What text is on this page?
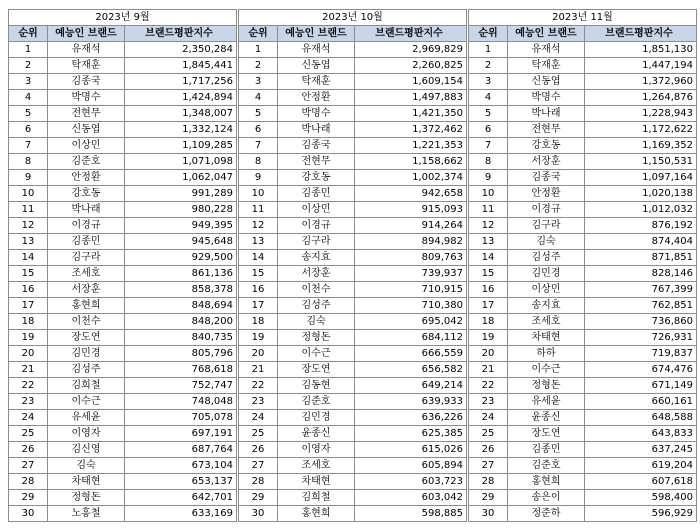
2023년 9월		
순위	예능인 브랜드	브랜드평판지수
1	유재석	2,350,284
2	탁재훈	1,845,441
3	김종국	1,717,256
4	박명수	1,424,894
5	전현무	1,348,007
6	신동엽	1,332,124
7	이상민	1,109,285
8	김준호	1,071,098
9	안정환	1,062,047
10	강호동	991,289
11	박나래	980,228
12	이경규	949,395
13	김종민	945,648
14	김구라	929,500
15	조세호	861,136
16	서장훈	858,378
17	홍현희	848,694
18	이천수	848,200
19	장도연	840,735
20	김민경	805,796
21	김성주	768,618
22	김희철	752,747
23	이수근	748,048
24	유세윤	705,078
25	이영자	697,191
26	김신영	687,764
27	김숙	673,104
28	차태현	653,137
29	정형돈	642,701
30	노홍철	633,169
2023년 10월		
순위	예능인 브랜드	브랜드평판지수
1	유재석	2,969,829
2	신동엽	2,260,825
3	탁재훈	1,609,154
4	안정환	1,497,883
5	박명수	1,421,350
6	박나래	1,372,462
7	김종국	1,221,353
8	전현무	1,158,662
9	강호동	1,002,374
10	김종민	942,658
11	이상민	915,093
12	이경규	914,264
13	김구라	894,982
14	송지효	809,763
15	서장훈	739,937
16	이천수	710,915
17	김성주	710,380
18	김숙	695,042
19	정형돈	684,112
20	이수근	666,559
21	장도연	656,582
22	김동현	649,214
23	김준호	639,933
24	김민경	636,226
25	윤종신	625,385
26	이영자	615,026
27	조세호	605,894
28	차태현	603,723
29	김희철	603,042
30	홍현희	598,885
2023년 11월		
순위	예능인 브랜드	브랜드평판지수
1	유재석	1,851,130
2	탁재훈	1,447,194
3	신동엽	1,372,960
4	박명수	1,264,876
5	박나래	1,228,943
6	전현무	1,172,622
7	강호동	1,169,352
8	서장훈	1,150,531
9	김종국	1,097,164
10	안정환	1,020,138
11	이경규	1,012,032
12	김구라	876,192
13	김숙	874,404
14	김성주	871,851
15	김민경	828,146
16	이상민	767,399
17	송지효	762,851
18	조세호	736,860
19	차태현	726,931
20	하하	719,837
21	이수근	674,476
22	정형돈	671,149
23	유세윤	660,161
24	윤종신	648,588
25	장도연	643,833
26	김종민	637,245
27	김준호	619,204
28	홍현희	607,618
29	송은이	598,400
30	정준하	596,929
